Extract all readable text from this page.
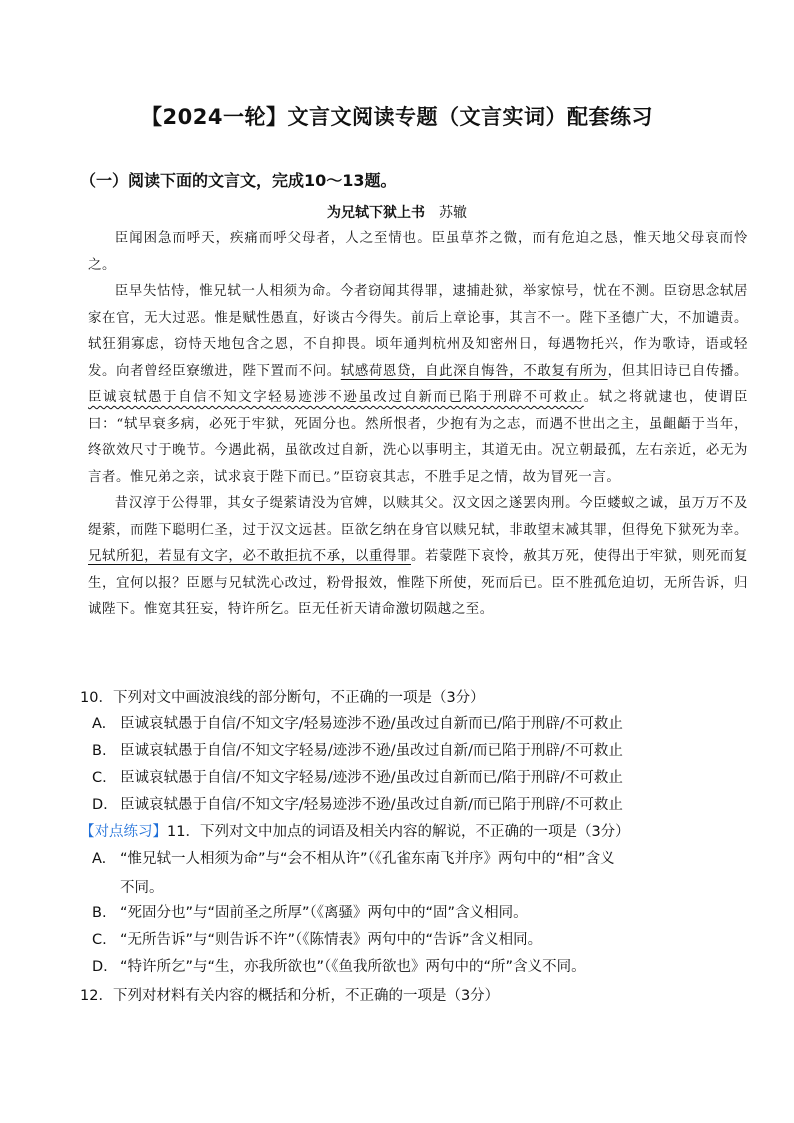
【2024一轮】文言文阅读专题（文言实词）配套练习
（一）阅读下面的文言文，完成10～13题。
为兄轼下狱上书 苏辙

臣闻困急而呼天，疾痛而呼父母者，人之至情也。臣虽草芥之微，而有危迫之恳，惟天地父母哀而怜之。

臣早失怙恃，惟兄轼一人相须为命。今者窃闻其得罪，逮捕赴狱，举家惊号，忧在不测。臣窃思念轼居家在官，无大过恶。惟是赋性愚直，好谈古今得失。前后上章论事，其言不一。陛下圣德广大，不加谴责。轼狂狷寡虑，窃恃天地包含之恩，不自抑畏。顷年通判杭州及知密州日，每遇物托兴，作为歌诗，语或轻发。向者曾经臣寮缴进，陛下置而不问。轼感荷恩贷，自此深自悔咎，不敢复有所为，但其旧诗已自传播。臣诚哀轼愚于自信不知文字轻易迹涉不逊虽改过自新而已陷于刑辟不可救止。轼之将就逮也，使谓臣曰：“轼早衰多病，必死于牢狱，死固分也。然所恨者，少抱有为之志，而遇不世出之主，虽齟齬于当年，终欲效尺寸于晚节。今遇此祸，虽欲改过自新，洗心以事明主，其道无由。况立朝最孤，左右亲近，必无为言者。惟兄弟之亲，试求哀于陛下而已。”臣窃哀其志，不胜手足之情，故为冒死一言。

昔汉淳于公得罪，其女子缇萦请没为官婢，以赎其父。汉文因之遂罢肉刑。今臣蝼蚁之诚，虽万万不及缇萦，而陛下聪明仁圣，过于汉文远甚。臣欲乞纳在身官以赎兄轼，非敢望末减其罪，但得免下狱死为幸。兄轼所犯，若显有文字，必不敢拒抗不承，以重得罪。若蒙陛下哀怜，赦其万死，使得出于牢狱，则死而复生，宜何以报？臣愿与兄轼洗心改过，粉骨报效，惟陛下所使，死而后已。臣不胜孤危迫切，无所告诉，归诚陛下。惟宽其狂妄，特许所乞。臣无任祈天请命激切陨越之至。

10．下列对文中画波浪线的部分断句，不正确的一项是（3分）
A. 臣诚哀轼愚于自信/不知文字/轻易迹涉不逊/虽改过自新而已/陷于刑辟/不可救止
B. 臣诚哀轼愚于自信/不知文字轻易/迹涉不逊/虽改过自新/而已陷于刑辟/不可救止
C. 臣诚哀轼愚于自信/不知文字轻易/迹涉不逊/虽改过自新而已/陷于刑辟/不可救止
D. 臣诚哀轼愚于自信/不知文字/轻易迹涉不逊/虽改过自新/而已陷于刑辟/不可救止
【对点练习】11．下列对文中加点的词语及相关内容的解说，不正确的一项是（3分）
A. “惟兄轼一人相须为命”与“会不相从许”（《孔雀东南飞并序》两句中的“相”含义
不同。
B. “死固分也”与“固前圣之所厚”（《离骚》两句中的“固”含义相同。
C. “无所告诉”与“则告诉不许”（《陈情表》两句中的“告诉”含义相同。
D. “特许所乞”与“生，亦我所欲也”（《鱼我所欲也》两句中的“所”含义不同。
12．下列对材料有关内容的概括和分析，不正确的一项是（3分）
